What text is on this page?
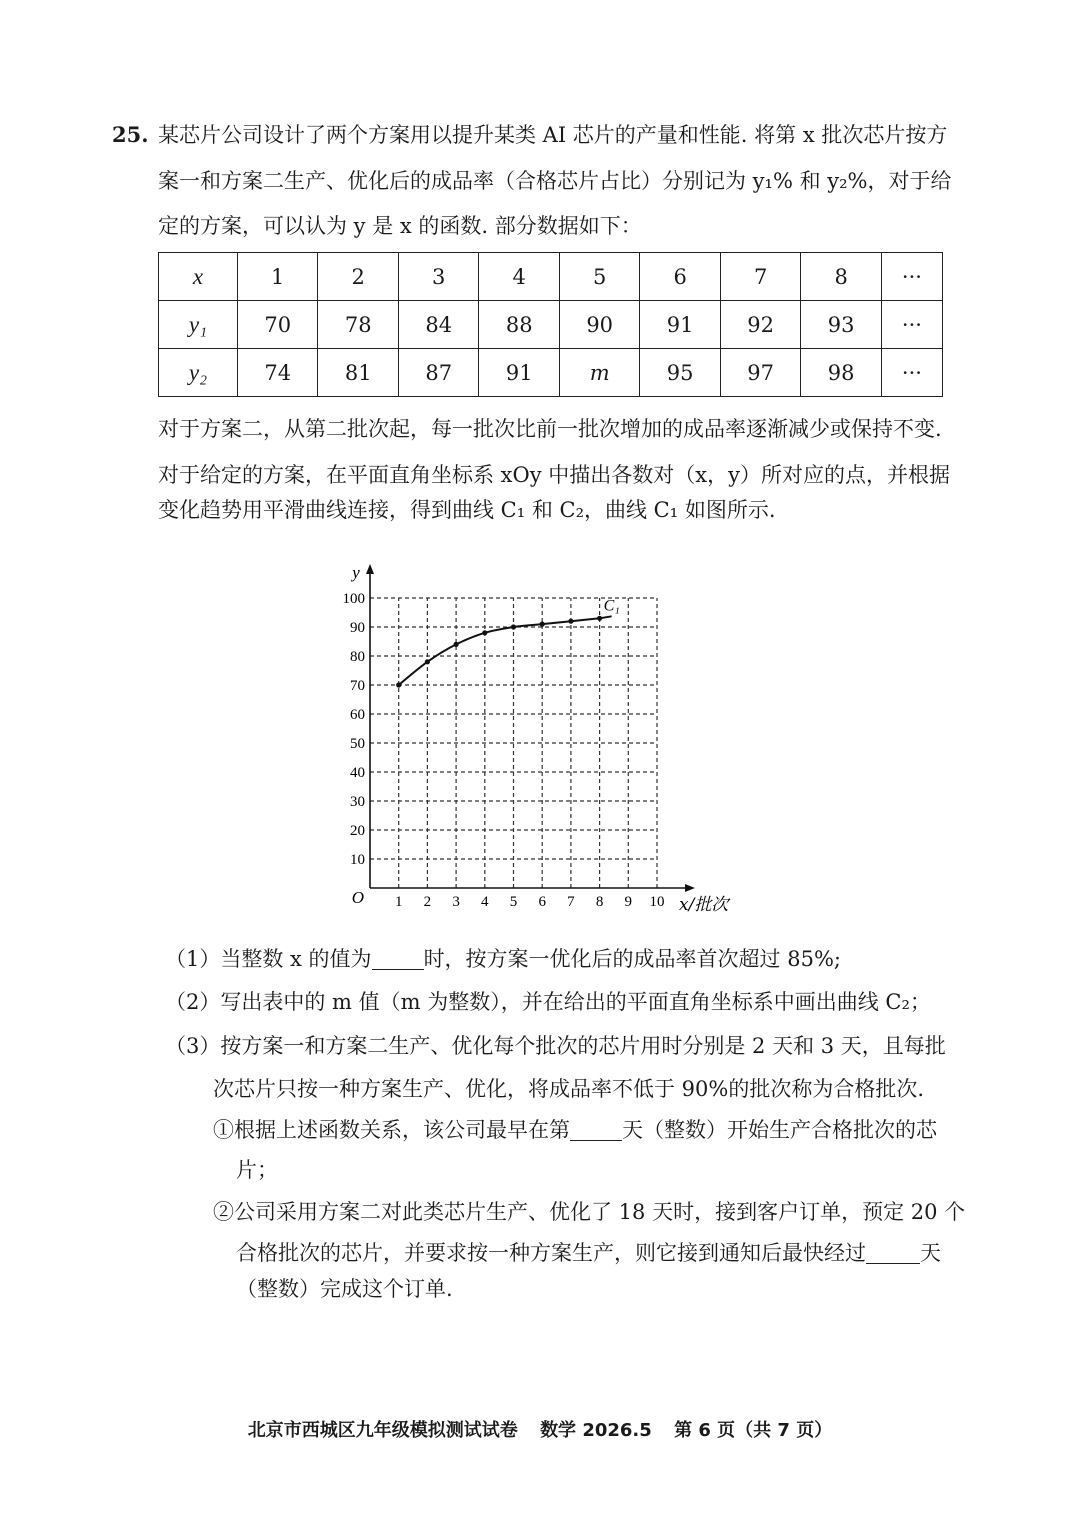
25. 某芯片公司设计了两个方案用以提升某类 AI 芯片的产量和性能. 将第 x 批次芯片按方
案一和方案二生产、优化后的成品率（合格芯片占比）分别记为 y₁% 和 y₂%，对于给
定的方案，可以认为 y 是 x 的函数. 部分数据如下：
x	1	2	3	4	5	6	7	8	···
y₁	70	78	84	88	90	91	92	93	···
y₂	74	81	87	91	m	95	97	98	···
对于方案二，从第二批次起，每一批次比前一批次增加的成品率逐渐减少或保持不变.
对于给定的方案，在平面直角坐标系 xOy 中描出各数对（x，y）所对应的点，并根据
变化趋势用平滑曲线连接，得到曲线 C₁ 和 C₂，曲线 C₁ 如图所示.
1 2 3 4 5 6 7 8 9 10
10
20
30
40
50
60
70
80
90
100
O
y
x/批次
C₁
（1）当整数 x 的值为 时，按方案一优化后的成品率首次超过 85%;
（2）写出表中的 m 值（m 为整数），并在给出的平面直角坐标系中画出曲线 C₂；
（3）按方案一和方案二生产、优化每个批次的芯片用时分别是 2 天和 3 天，且每批
次芯片只按一种方案生产、优化，将成品率不低于 90%的批次称为合格批次.
①根据上述函数关系，该公司最早在第 天（整数）开始生产合格批次的芯
片；
②公司采用方案二对此类芯片生产、优化了 18 天时，接到客户订单，预定 20 个
合格批次的芯片，并要求按一种方案生产，则它接到通知后最快经过	天
（整数）完成这个订单.
北京市西城区九年级模拟测试试卷 数学 2026.5 第 6 页（共 7 页）
